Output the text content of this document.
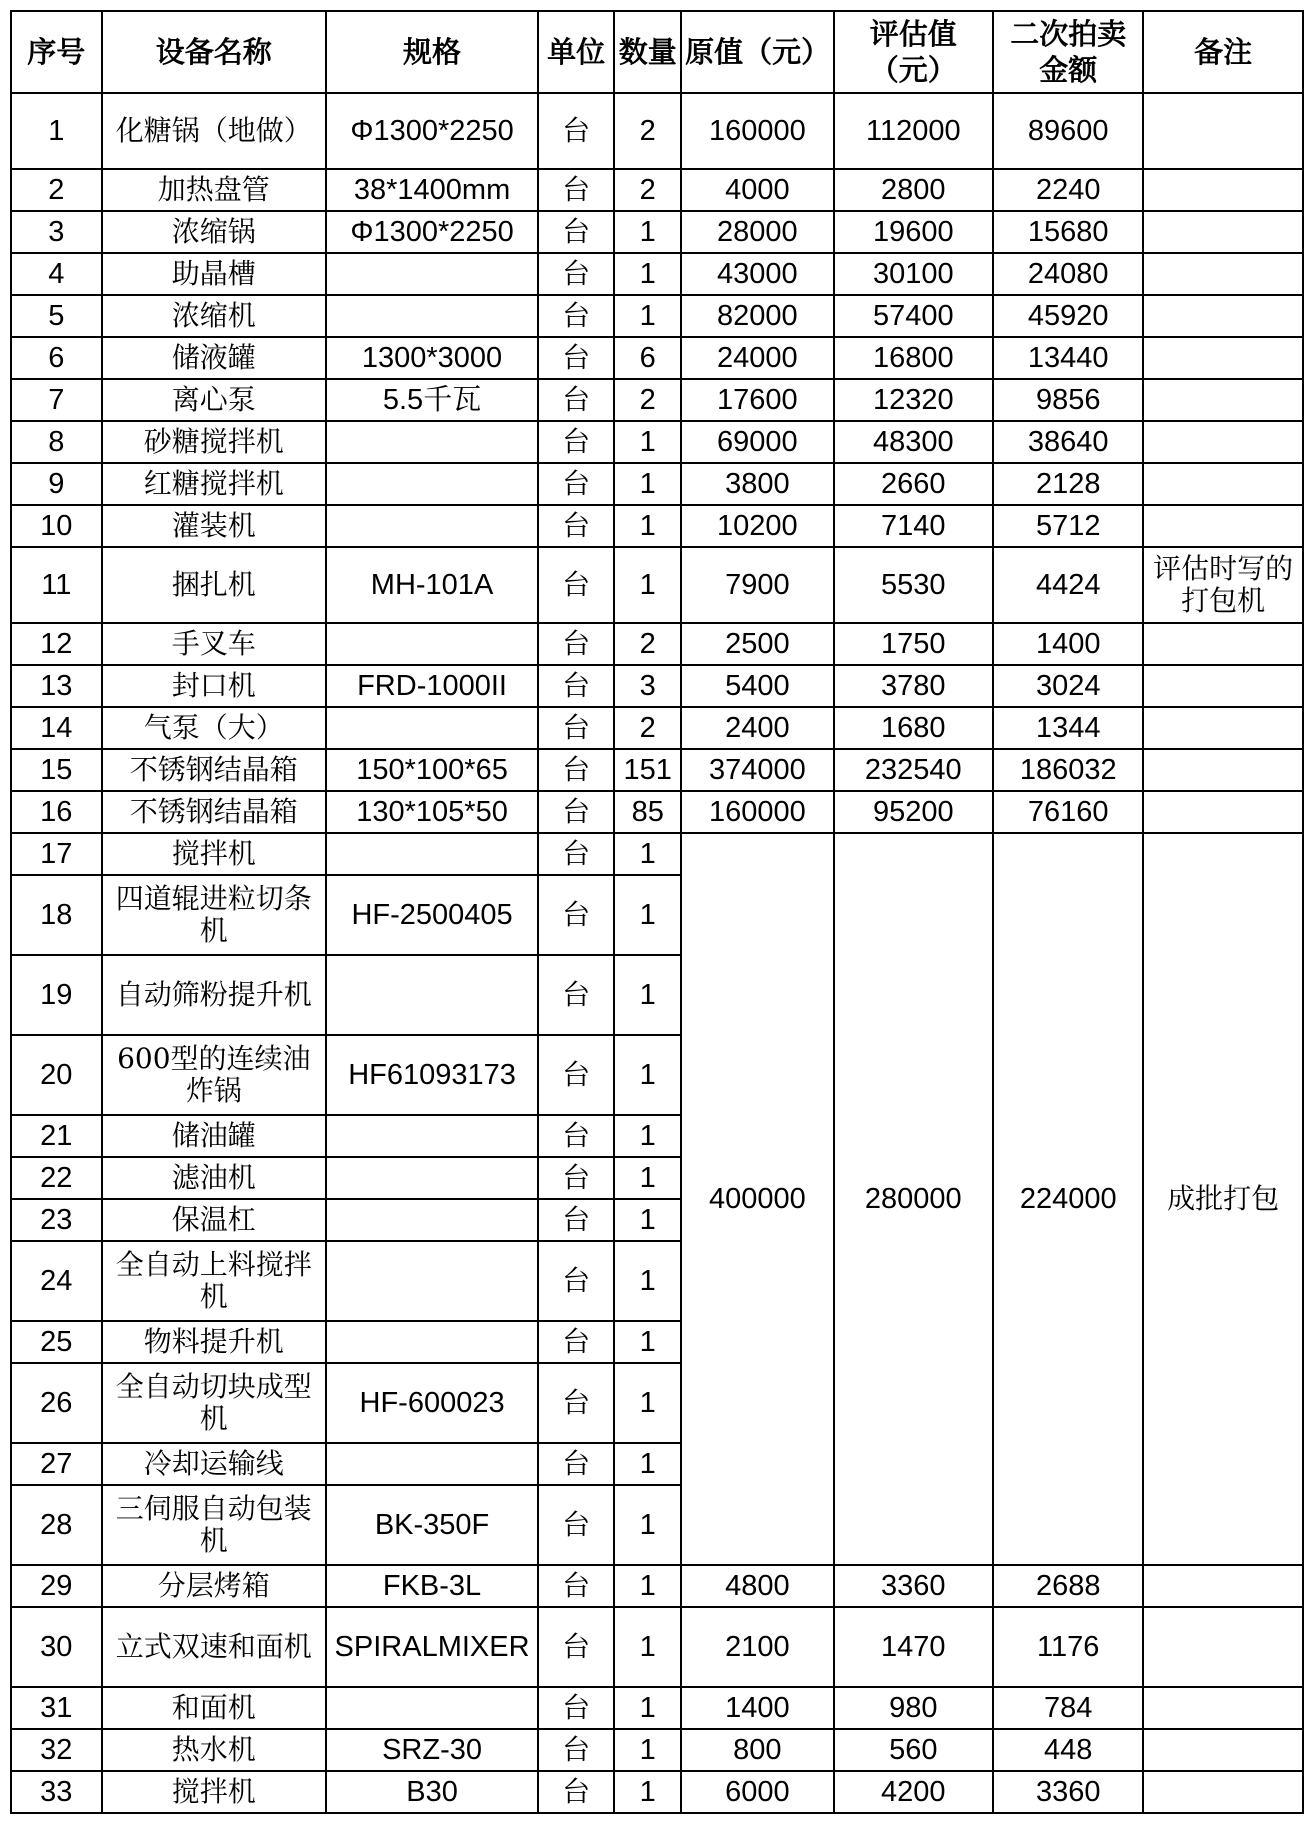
序号	设备名称	规格	单位	数量	原值（元）	评估值（元）	二次拍卖金额	备注
1	化糖锅（地做）	Φ1300*2250	台	2	160000	112000	89600	
2	加热盘管	38*1400mm	台	2	4000	2800	2240	
3	浓缩锅	Φ1300*2250	台	1	28000	19600	15680	
4	助晶槽		台	1	43000	30100	24080	
5	浓缩机		台	1	82000	57400	45920	
6	储液罐	1300*3000	台	6	24000	16800	13440	
7	离心泵	5.5千瓦	台	2	17600	12320	9856	
8	砂糖搅拌机		台	1	69000	48300	38640	
9	红糖搅拌机		台	1	3800	2660	2128	
10	灌装机		台	1	10200	7140	5712	
11	捆扎机	MH-101A	台	1	7900	5530	4424	评估时写的打包机
12	手叉车		台	2	2500	1750	1400	
13	封口机	FRD-1000II	台	3	5400	3780	3024	
14	气泵（大）		台	2	2400	1680	1344	
15	不锈钢结晶箱	150*100*65	台	151	374000	232540	186032	
16	不锈钢结晶箱	130*105*50	台	85	160000	95200	76160	
17	搅拌机		台	1	400000	280000	224000	成批打包
18	四道辊进粒切条机	HF-2500405	台	1				
19	自动筛粉提升机		台	1				
20	600型的连续油炸锅	HF61093173	台	1				
21	储油罐		台	1				
22	滤油机		台	1				
23	保温杠		台	1				
24	全自动上料搅拌机		台	1				
25	物料提升机		台	1				
26	全自动切块成型机	HF-600023	台	1				
27	冷却运输线		台	1				
28	三伺服自动包装机	BK-350F	台	1				
29	分层烤箱	FKB-3L	台	1	4800	3360	2688	
30	立式双速和面机	SPIRALMIXER	台	1	2100	1470	1176	
31	和面机		台	1	1400	980	784	
32	热水机	SRZ-30	台	1	800	560	448	
33	搅拌机	B30	台	1	6000	4200	3360	
